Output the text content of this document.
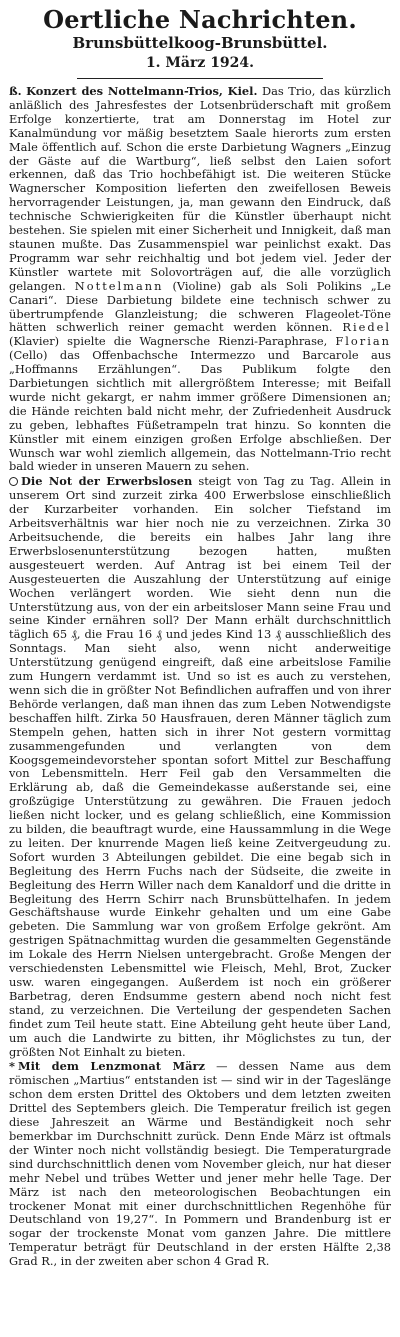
Oertliche Nachrichten.
Brunsbüttelkoog-Brunsbüttel.
1. März 1924.

ß. Konzert des Nottelmann-Trios, Kiel. Das Trio, das kürzlich anläßlich des Jahresfestes der Lotsenbrüderschaft mit großem Erfolge konzertierte, trat am Donnerstag im Hotel zur Kanalmündung vor mäßig besetztem Saale hierorts zum ersten Male öffentlich auf. Schon die erste Darbietung Wagners „Einzug der Gäste auf die Wartburg“, ließ selbst den Laien sofort erkennen, daß das Trio hochbefähigt ist. Die weiteren Stücke Wagnerscher Komposition lieferten den zweifellosen Beweis hervorragender Leistungen, ja, man gewann den Eindruck, daß technische Schwierigkeiten für die Künstler überhaupt nicht bestehen. Sie spielen mit einer Sicherheit und Innigkeit, daß man staunen mußte. Das Zusammenspiel war peinlichst exakt. Das Programm war sehr reichhaltig und bot jedem viel. Jeder der Künstler wartete mit Solovorträgen auf, die alle vorzüglich gelangen. Nottelmann (Violine) gab als Soli Polikins „Le Canari“. Diese Darbietung bildete eine technisch schwer zu übertrumpfende Glanzleistung; die schweren Flageolet-Töne hätten schwerlich reiner gemacht werden können. Riedel (Klavier) spielte die Wagnersche Rienzi-Paraphrase, Florian (Cello) das Offenbachsche Intermezzo und Barcarole aus „Hoffmanns Erzählungen“. Das Publikum folgte den Darbietungen sichtlich mit allergrößtem Interesse; mit Beifall wurde nicht gekargt, er nahm immer größere Dimensionen an; die Hände reichten bald nicht mehr, der Zufriedenheit Ausdruck zu geben, lebhaftes Füßetrampeln trat hinzu. So konnten die Künstler mit einem einzigen großen Erfolge abschließen. Der Wunsch war wohl ziemlich allgemein, das Nottelmann-Trio recht bald wieder in unseren Mauern zu sehen.

Die Not der Erwerbslosen steigt von Tag zu Tag. Allein in unserem Ort sind zurzeit zirka 400 Erwerbslose einschließlich der Kurzarbeiter vorhanden. Ein solcher Tiefstand im Arbeitsverhältnis war hier noch nie zu verzeichnen. Zirka 30 Arbeitsuchende, die bereits ein halbes Jahr lang ihre Erwerbslosenunterstützung bezogen hatten, mußten ausgesteuert werden. Auf Antrag ist bei einem Teil der Ausgesteuerten die Auszahlung der Unterstützung auf einige Wochen verlängert worden. Wie sieht denn nun die Unterstützung aus, von der ein arbeitsloser Mann seine Frau und seine Kinder ernähren soll? Der Mann erhält durchschnittlich täglich 65 ₰, die Frau 16 ₰ und jedes Kind 13 ₰ ausschließlich des Sonntags. Man sieht also, wenn nicht anderweitige Unterstützung genügend eingreift, daß eine arbeitslose Familie zum Hungern verdammt ist. Und so ist es auch zu verstehen, wenn sich die in größter Not Befindlichen aufraffen und von ihrer Behörde verlangen, daß man ihnen das zum Leben Notwendigste beschaffen hilft. Zirka 50 Hausfrauen, deren Männer täglich zum Stempeln gehen, hatten sich in ihrer Not gestern vormittag zusammengefunden und verlangten von dem Koogsgemeindevorsteher spontan sofort Mittel zur Beschaffung von Lebensmitteln. Herr Feil gab den Versammelten die Erklärung ab, daß die Gemeindekasse außerstande sei, eine großzügige Unterstützung zu gewähren. Die Frauen jedoch ließen nicht locker, und es gelang schließlich, eine Kommission zu bilden, die beauftragt wurde, eine Haussammlung in die Wege zu leiten. Der knurrende Magen ließ keine Zeitvergeudung zu. Sofort wurden 3 Abteilungen gebildet. Die eine begab sich in Begleitung des Herrn Fuchs nach der Südseite, die zweite in Begleitung des Herrn Willer nach dem Kanaldorf und die dritte in Begleitung des Herrn Schirr nach Brunsbüttelhafen. In jedem Geschäftshause wurde Einkehr gehalten und um eine Gabe gebeten. Die Sammlung war von großem Erfolge gekrönt. Am gestrigen Spätnachmittag wurden die gesammelten Gegenstände im Lokale des Herrn Nielsen untergebracht. Große Mengen der verschiedensten Lebensmittel wie Fleisch, Mehl, Brot, Zucker usw. waren eingegangen. Außerdem ist noch ein größerer Barbetrag, deren Endsumme gestern abend noch nicht fest stand, zu verzeichnen. Die Verteilung der gespendeten Sachen findet zum Teil heute statt. Eine Abteilung geht heute über Land, um auch die Landwirte zu bitten, ihr Möglichstes zu tun, der größten Not Einhalt zu bieten.

* Mit dem Lenzmonat März — dessen Name aus dem römischen „Martius“ entstanden ist — sind wir in der Tageslänge schon dem ersten Drittel des Oktobers und dem letzten zweiten Drittel des Septembers gleich. Die Temperatur freilich ist gegen diese Jahreszeit an Wärme und Beständigkeit noch sehr bemerkbar im Durchschnitt zurück. Denn Ende März ist oftmals der Winter noch nicht vollständig besiegt. Die Temperaturgrade sind durchschnittlich denen vom November gleich, nur hat dieser mehr Nebel und trübes Wetter und jener mehr helle Tage. Der März ist nach den meteorologischen Beobachtungen ein trockener Monat mit einer durchschnittlichen Regenhöhe für Deutschland von 19,27“. In Pommern und Brandenburg ist er sogar der trockenste Monat vom ganzen Jahre. Die mittlere Temperatur beträgt für Deutschland in der ersten Hälfte 2,38 Grad R., in der zweiten aber schon 4 Grad R.
